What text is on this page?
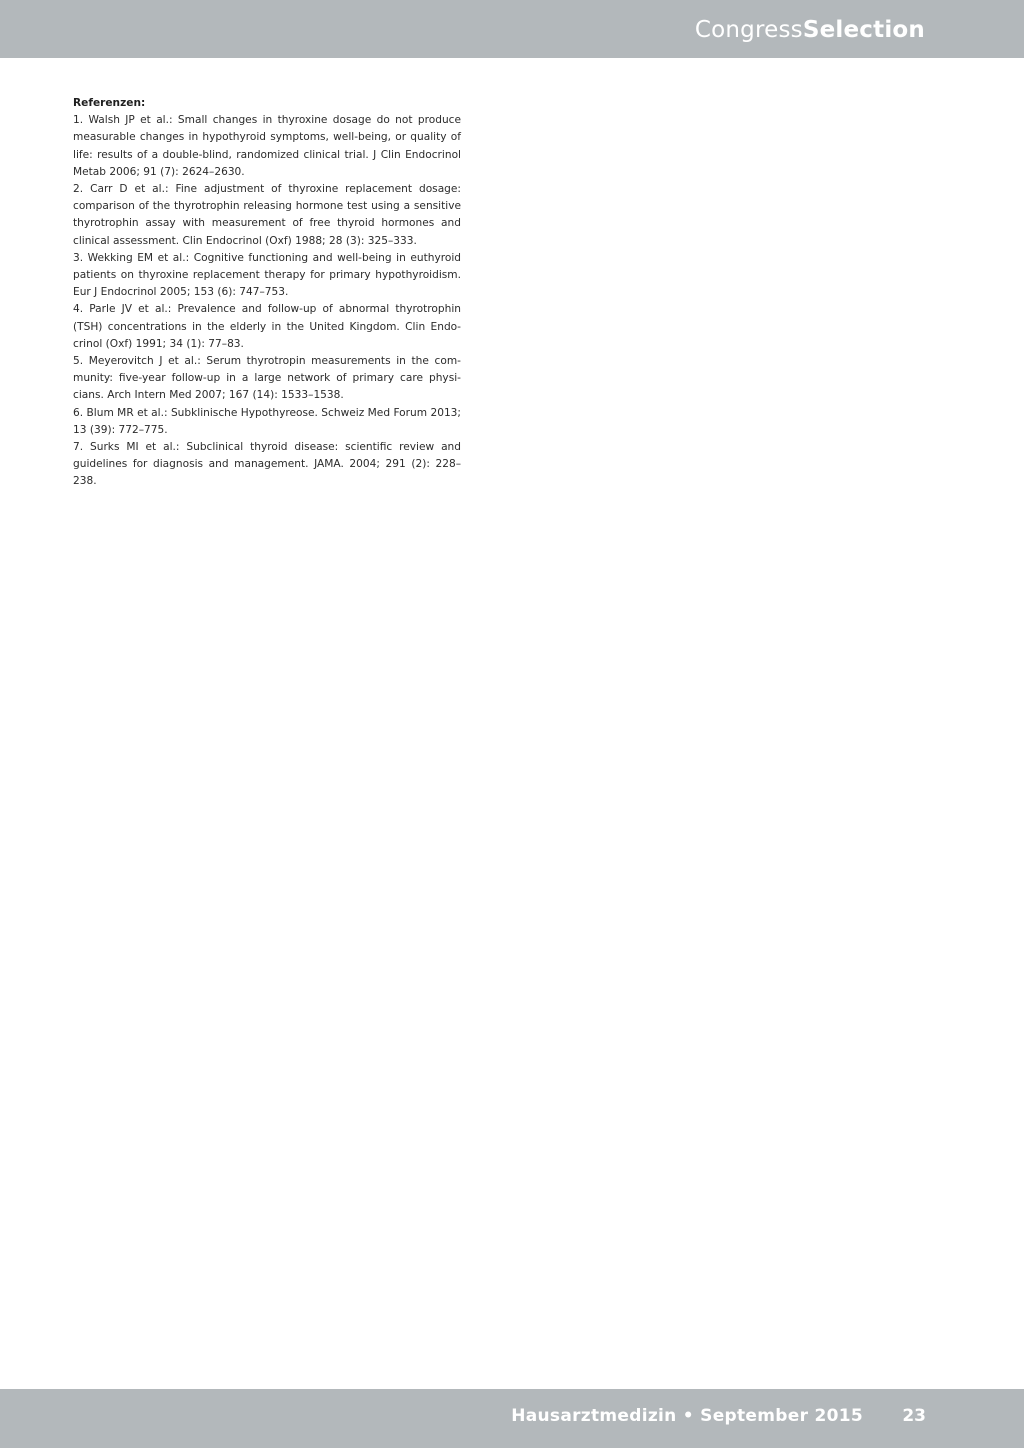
CongressSelection
Referenzen:
1. Walsh JP et al.: Small changes in thyroxine dosage do not produce measurable changes in hypothyroid symptoms, well-being, or quality of life: results of a double-blind, randomized clinical trial. J Clin Endocrinol Metab 2006; 91 (7): 2624–2630.
2. Carr D et al.: Fine adjustment of thyroxine replacement dosage: comparison of the thyrotrophin releasing hormone test using a sensitive thyrotrophin assay with measurement of free thyroid hormones and clinical assessment. Clin Endocrinol (Oxf) 1988; 28 (3): 325–333.
3. Wekking EM et al.: Cognitive functioning and well-being in euthyroid patients on thyroxine replacement therapy for primary hypothyroidism. Eur J Endocrinol 2005; 153 (6): 747–753.
4. Parle JV et al.: Prevalence and follow-up of abnormal thyrotrophin (TSH) concentrations in the elderly in the United Kingdom. Clin Endocrinol (Oxf) 1991; 34 (1): 77–83.
5. Meyerovitch J et al.: Serum thyrotropin measurements in the community: five-year follow-up in a large network of primary care physicians. Arch Intern Med 2007; 167 (14): 1533–1538.
6. Blum MR et al.: Subklinische Hypothyreose. Schweiz Med Forum 2013; 13 (39): 772–775.
7. Surks MI et al.: Subclinical thyroid disease: scientific review and guidelines for diagnosis and management. JAMA. 2004; 291 (2): 228–238.
Hausarztmedizin • September 2015 23
